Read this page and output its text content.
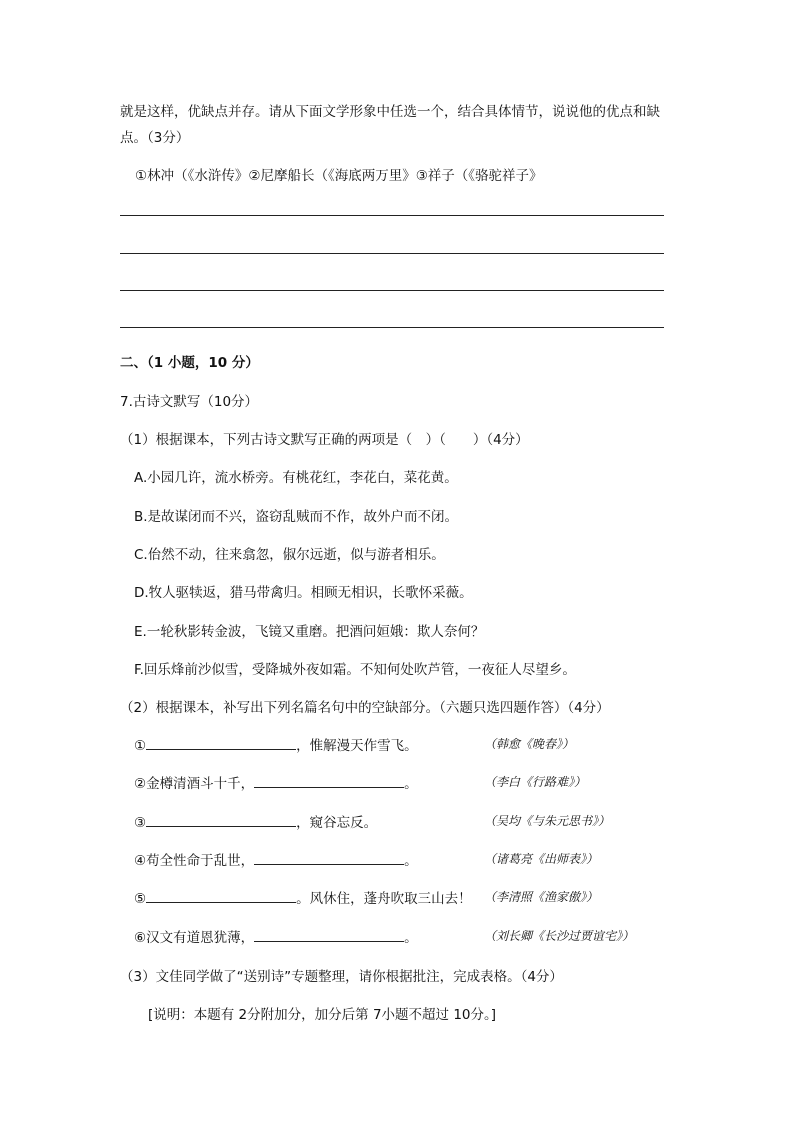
就是这样，优缺点并存。请从下面文学形象中任选一个，结合具体情节，说说他的优点和缺
点。（3分）
①林冲（《水浒传》②尼摩船长（《海底两万里》③祥子（《骆驼祥子》
二、（1 小题，10 分）
7.古诗文默写（10分）
（1）根据课本，下列古诗文默写正确的两项是（　）（　　）（4分）
A.小园几许，流水桥旁。有桃花红，李花白，菜花黄。
B.是故谋闭而不兴，盗窃乱贼而不作，故外户而不闭。
C.佁然不动，往来翕忽，俶尔远逝，似与游者相乐。
D.牧人驱犊返，猎马带禽归。相顾无相识，长歌怀采薇。
E.一轮秋影转金波，飞镜又重磨。把酒问姮娥：欺人奈何？
F.回乐烽前沙似雪，受降城外夜如霜。不知何处吹芦管，一夜征人尽望乡。
（2）根据课本，补写出下列名篇名句中的空缺部分。（六题只选四题作答）（4分）
①	，惟解漫天作雪飞。	（韩愈《晚春》）
②金樽清酒斗十千，	。	（李白《行路难》）
③	，窥谷忘反。	（吴均《与朱元思书》）
④苟全性命于乱世，	。	（诸葛亮《出师表》）
⑤	。风休住，蓬舟吹取三山去！ （李清照《渔家傲》）
⑥汉文有道恩犹薄，	。	（刘长卿《长沙过贾谊宅》）
（3）文佳同学做了“送别诗”专题整理，请你根据批注，完成表格。（4分）
[说明：本题有 2分附加分，加分后第 7小题不超过 10分。]
